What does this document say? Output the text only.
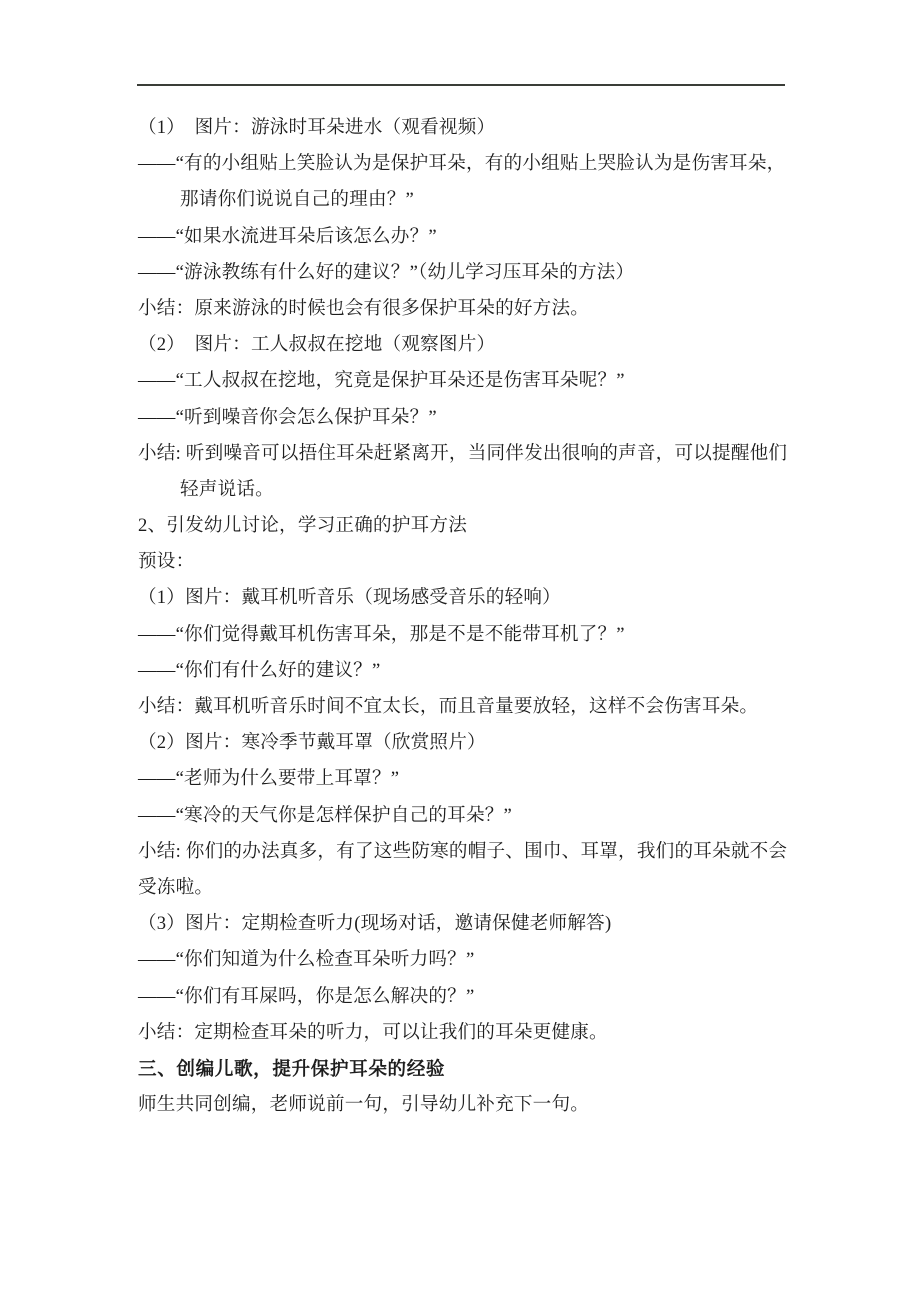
（1）　图片：游泳时耳朵进水（观看视频）
——“有的小组贴上笑脸认为是保护耳朵，有的小组贴上哭脸认为是伤害耳朵，
那请你们说说自己的理由？”
——“如果水流进耳朵后该怎么办？”
——“游泳教练有什么好的建议？”（幼儿学习压耳朵的方法）
小结：原来游泳的时候也会有很多保护耳朵的好方法。
（2）　图片：工人叔叔在挖地（观察图片）
——“工人叔叔在挖地，究竟是保护耳朵还是伤害耳朵呢？”
——“听到噪音你会怎么保护耳朵？”
小结: 听到噪音可以捂住耳朵赶紧离开，当同伴发出很响的声音，可以提醒他们
轻声说话。
2、引发幼儿讨论，学习正确的护耳方法
预设：
（1）图片：戴耳机听音乐（现场感受音乐的轻响）
——“你们觉得戴耳机伤害耳朵，那是不是不能带耳机了？”
——“你们有什么好的建议？”
小结：戴耳机听音乐时间不宜太长，而且音量要放轻，这样不会伤害耳朵。
（2）图片：寒冷季节戴耳罩（欣赏照片）
——“老师为什么要带上耳罩？”
——“寒冷的天气你是怎样保护自己的耳朵？”
小结: 你们的办法真多，有了这些防寒的帽子、围巾、耳罩，我们的耳朵就不会
受冻啦。
（3）图片：定期检查听力(现场对话，邀请保健老师解答)
——“你们知道为什么检查耳朵听力吗？”
——“你们有耳屎吗，你是怎么解决的？”
小结：定期检查耳朵的听力，可以让我们的耳朵更健康。
三、创编儿歌，提升保护耳朵的经验
师生共同创编，老师说前一句，引导幼儿补充下一句。
